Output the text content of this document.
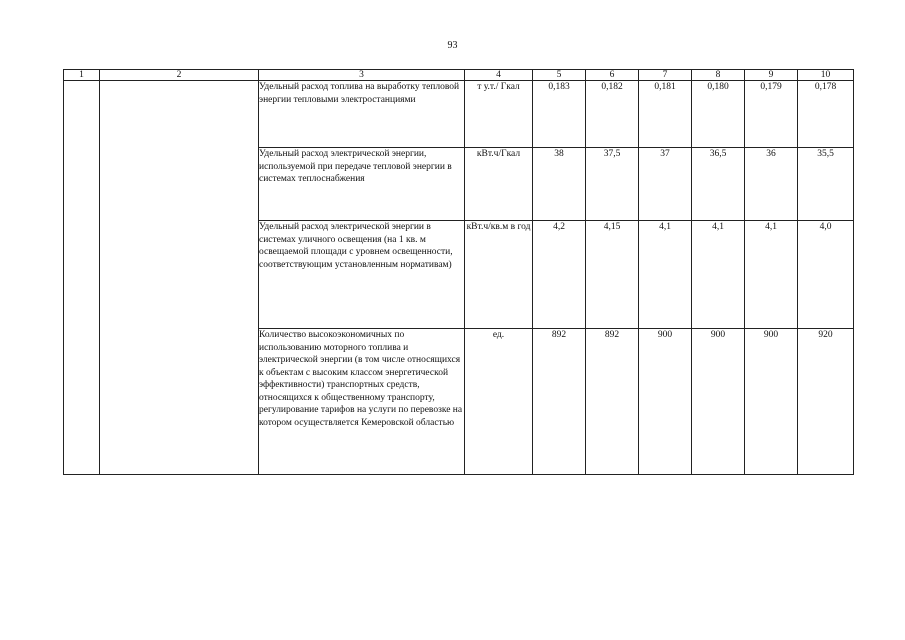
93
1	2	3	4	5	6	7	8	9	10
		Удельный расход топлива на выработку тепловой энергии тепловыми электростанциями	т у.т./ Гкал	0,183	0,182	0,181	0,180	0,179	0,178
		Удельный расход электрической энергии, используемой при передаче тепловой энергии в системах теплоснабжения	кВт.ч/Гкал	38	37,5	37	36,5	36	35,5
		Удельный расход электрической энергии в системах уличного освещения (на 1 кв. м освещаемой площади с уровнем освещенности, соответствующим установленным нормативам)	кВт.ч/кв.м в год	4,2	4,15	4,1	4,1	4,1	4,0
		Количество высокоэкономичных по использованию моторного топлива и электрической энергии (в том числе относящихся к объектам с высоким классом энергетической эффективности) транспортных средств, относящихся к общественному транспорту, регулирование тарифов на услуги по перевозке на котором осуществляется Кемеровской областью	ед.	892	892	900	900	900	920
